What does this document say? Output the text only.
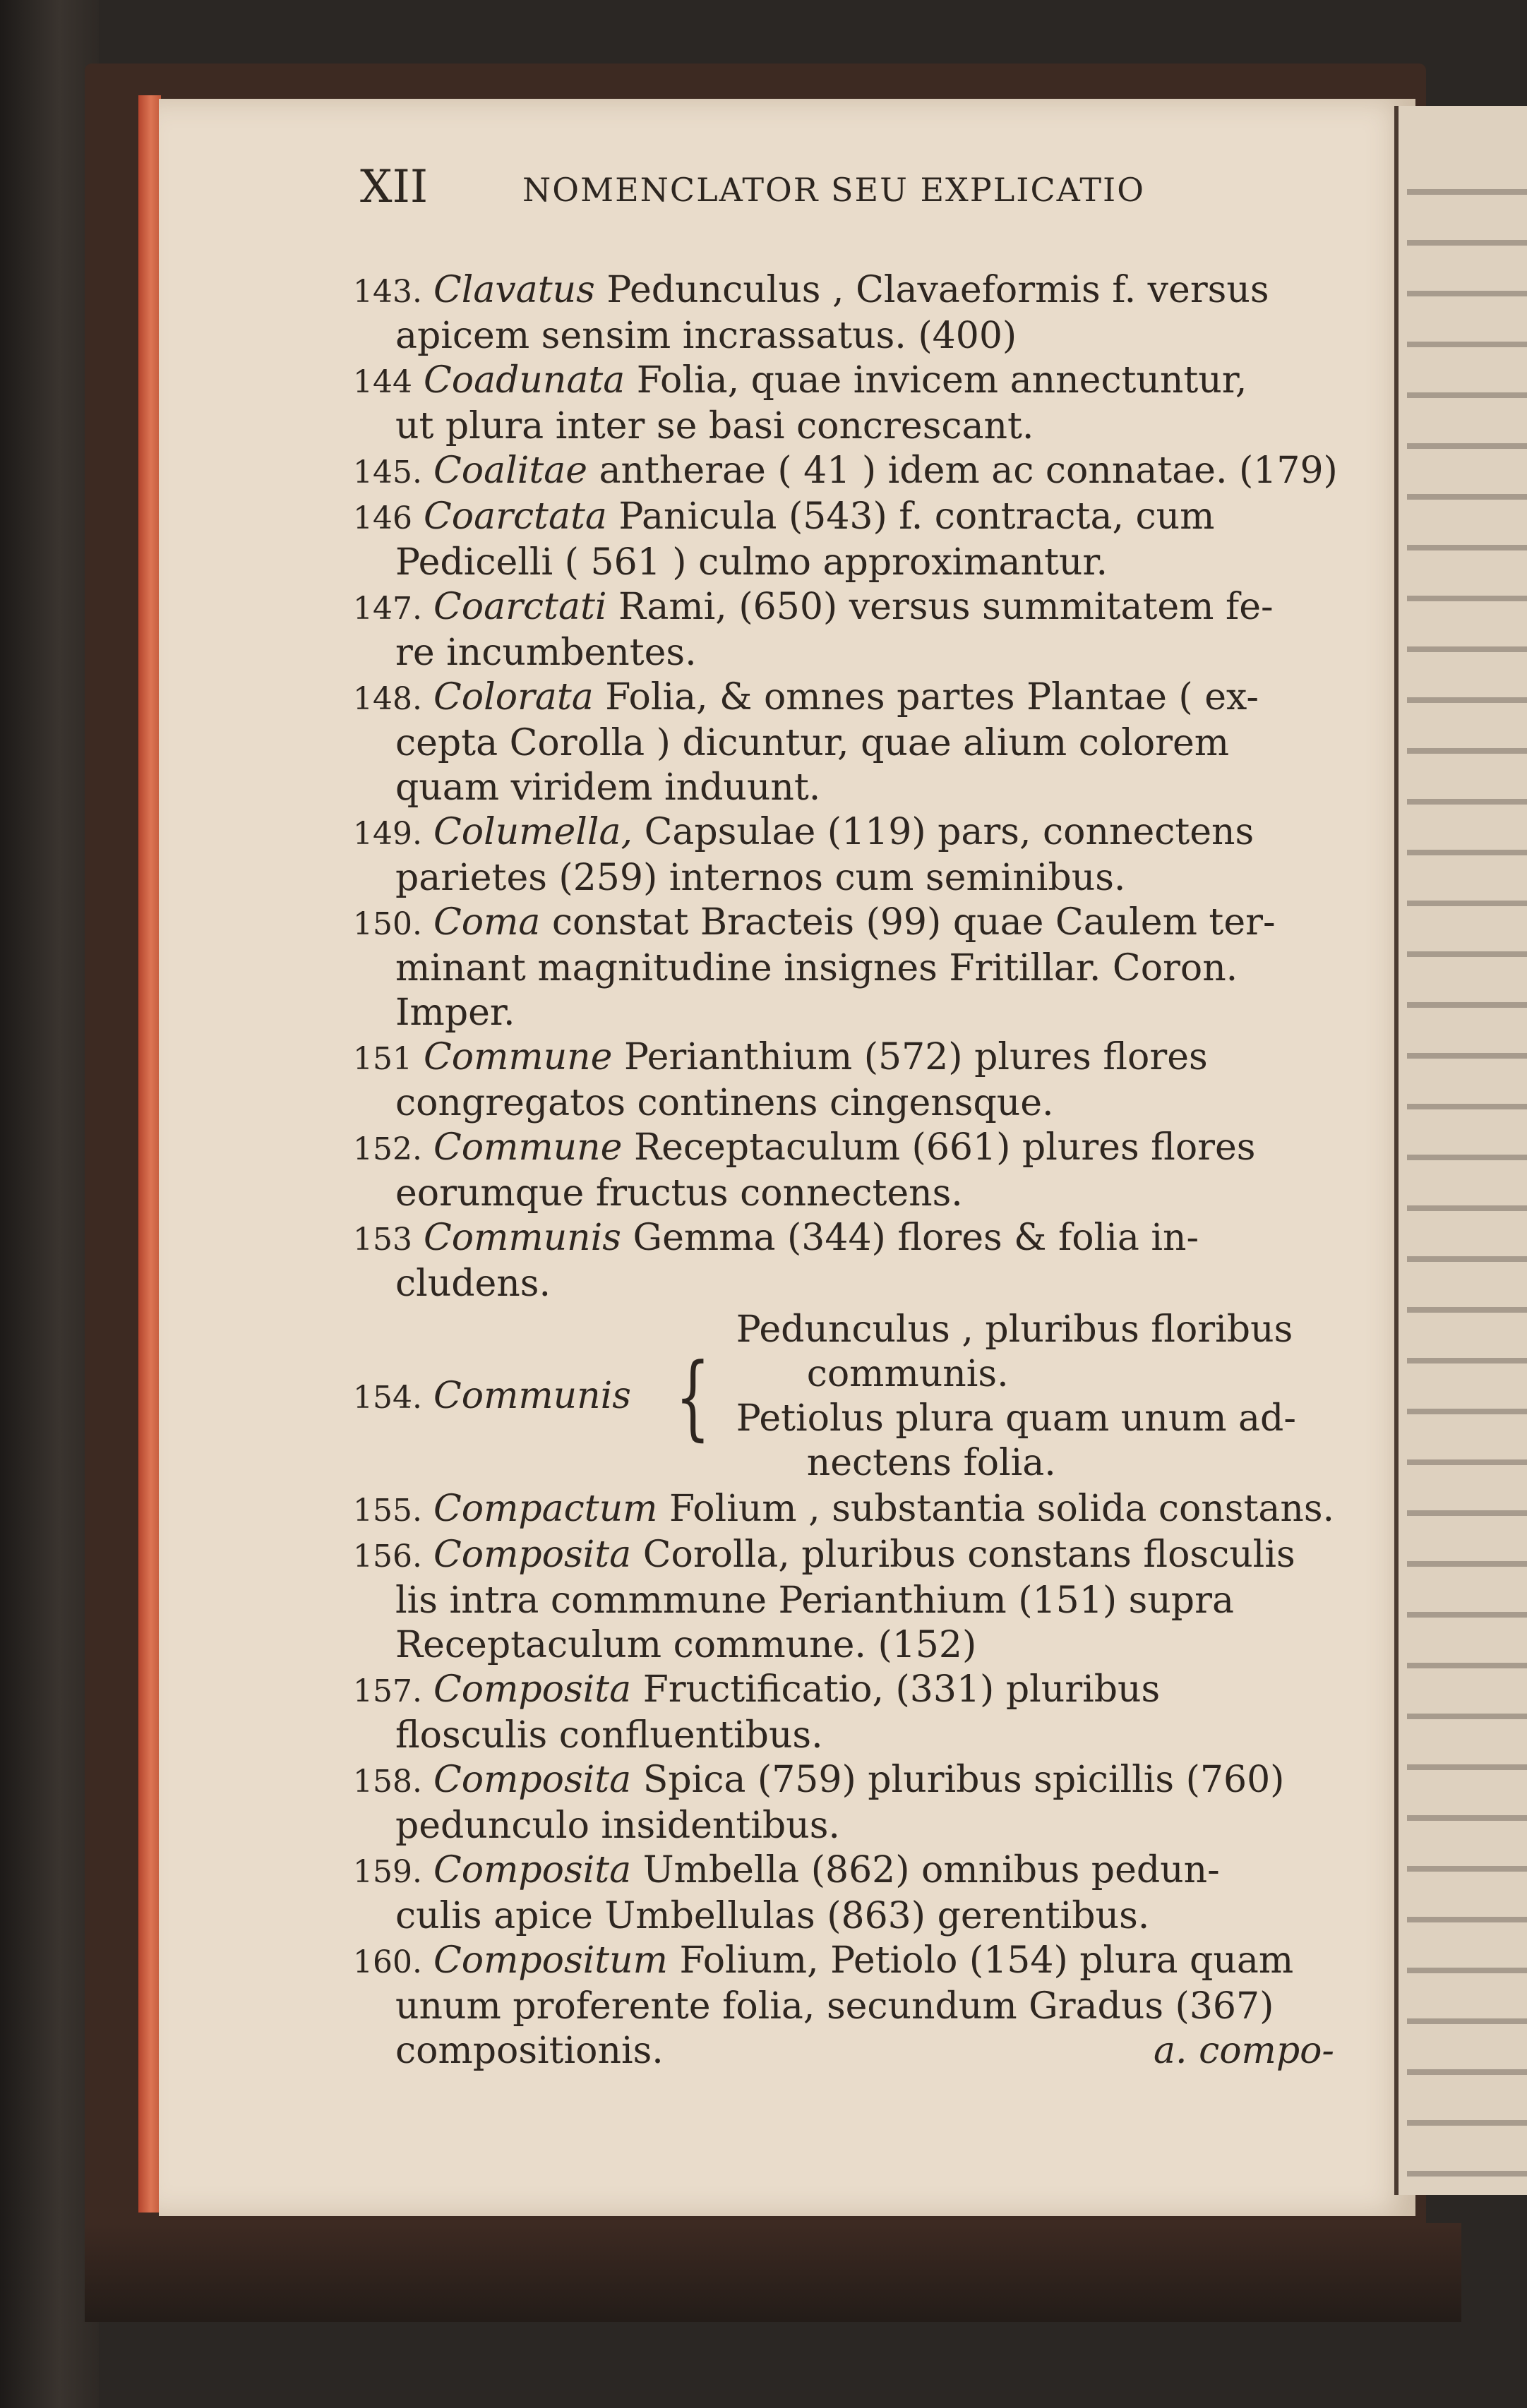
XII	NOMENCLATOR SEU EXPLICATIO

143. Clavatus Pedunculus , Clavaeformis f. versus
apicem sensim incrassatus. (400)

144 Coadunata Folia, quae invicem annectuntur,
ut plura inter se basi concrescant.

145. Coalitae antherae ( 41 ) idem ac connatae. (179)

146 Coarctata Panicula (543) f. contracta, cum
Pedicelli ( 561 ) culmo approximantur.

147. Coarctati Rami, (650) versus summitatem fe-
re incumbentes.

148. Colorata Folia, & omnes partes Plantae ( ex-
cepta Corolla ) dicuntur, quae alium colorem
quam viridem induunt.

149. Columella, Capsulae (119) pars, connectens
parietes (259) internos cum seminibus.

150. Coma constat Bracteis (99) quae Caulem ter-
minant magnitudine insignes Fritillar. Coron. Imper.

151 Commune Perianthium (572) plures flores
congregatos continens cingensque.

152. Commune Receptaculum (661) plures flores
eorumque fructus connectens.

153 Communis Gemma (344) flores & folia in-
cludens.

154. Communis {
Pedunculus , pluribus floribus
communis.
Petiolus plura quam unum ad-
nectens folia.

155. Compactum Folium , substantia solida constans.

156. Composita Corolla, pluribus constans flosculis
lis intra commmune Perianthium (151) supra
Receptaculum commune. (152)

157. Composita Fructificatio, (331) pluribus
flosculis confluentibus.

158. Composita Spica (759) pluribus spicillis (760)
pedunculo insidentibus.

159. Composita Umbella (862) omnibus pedun-
culis apice Umbellulas (863) gerentibus.

160. Compositum Folium, Petiolo (154) plura quam
unum proferente folia, secundum Gradus (367)
compositionis.	a. compo-
